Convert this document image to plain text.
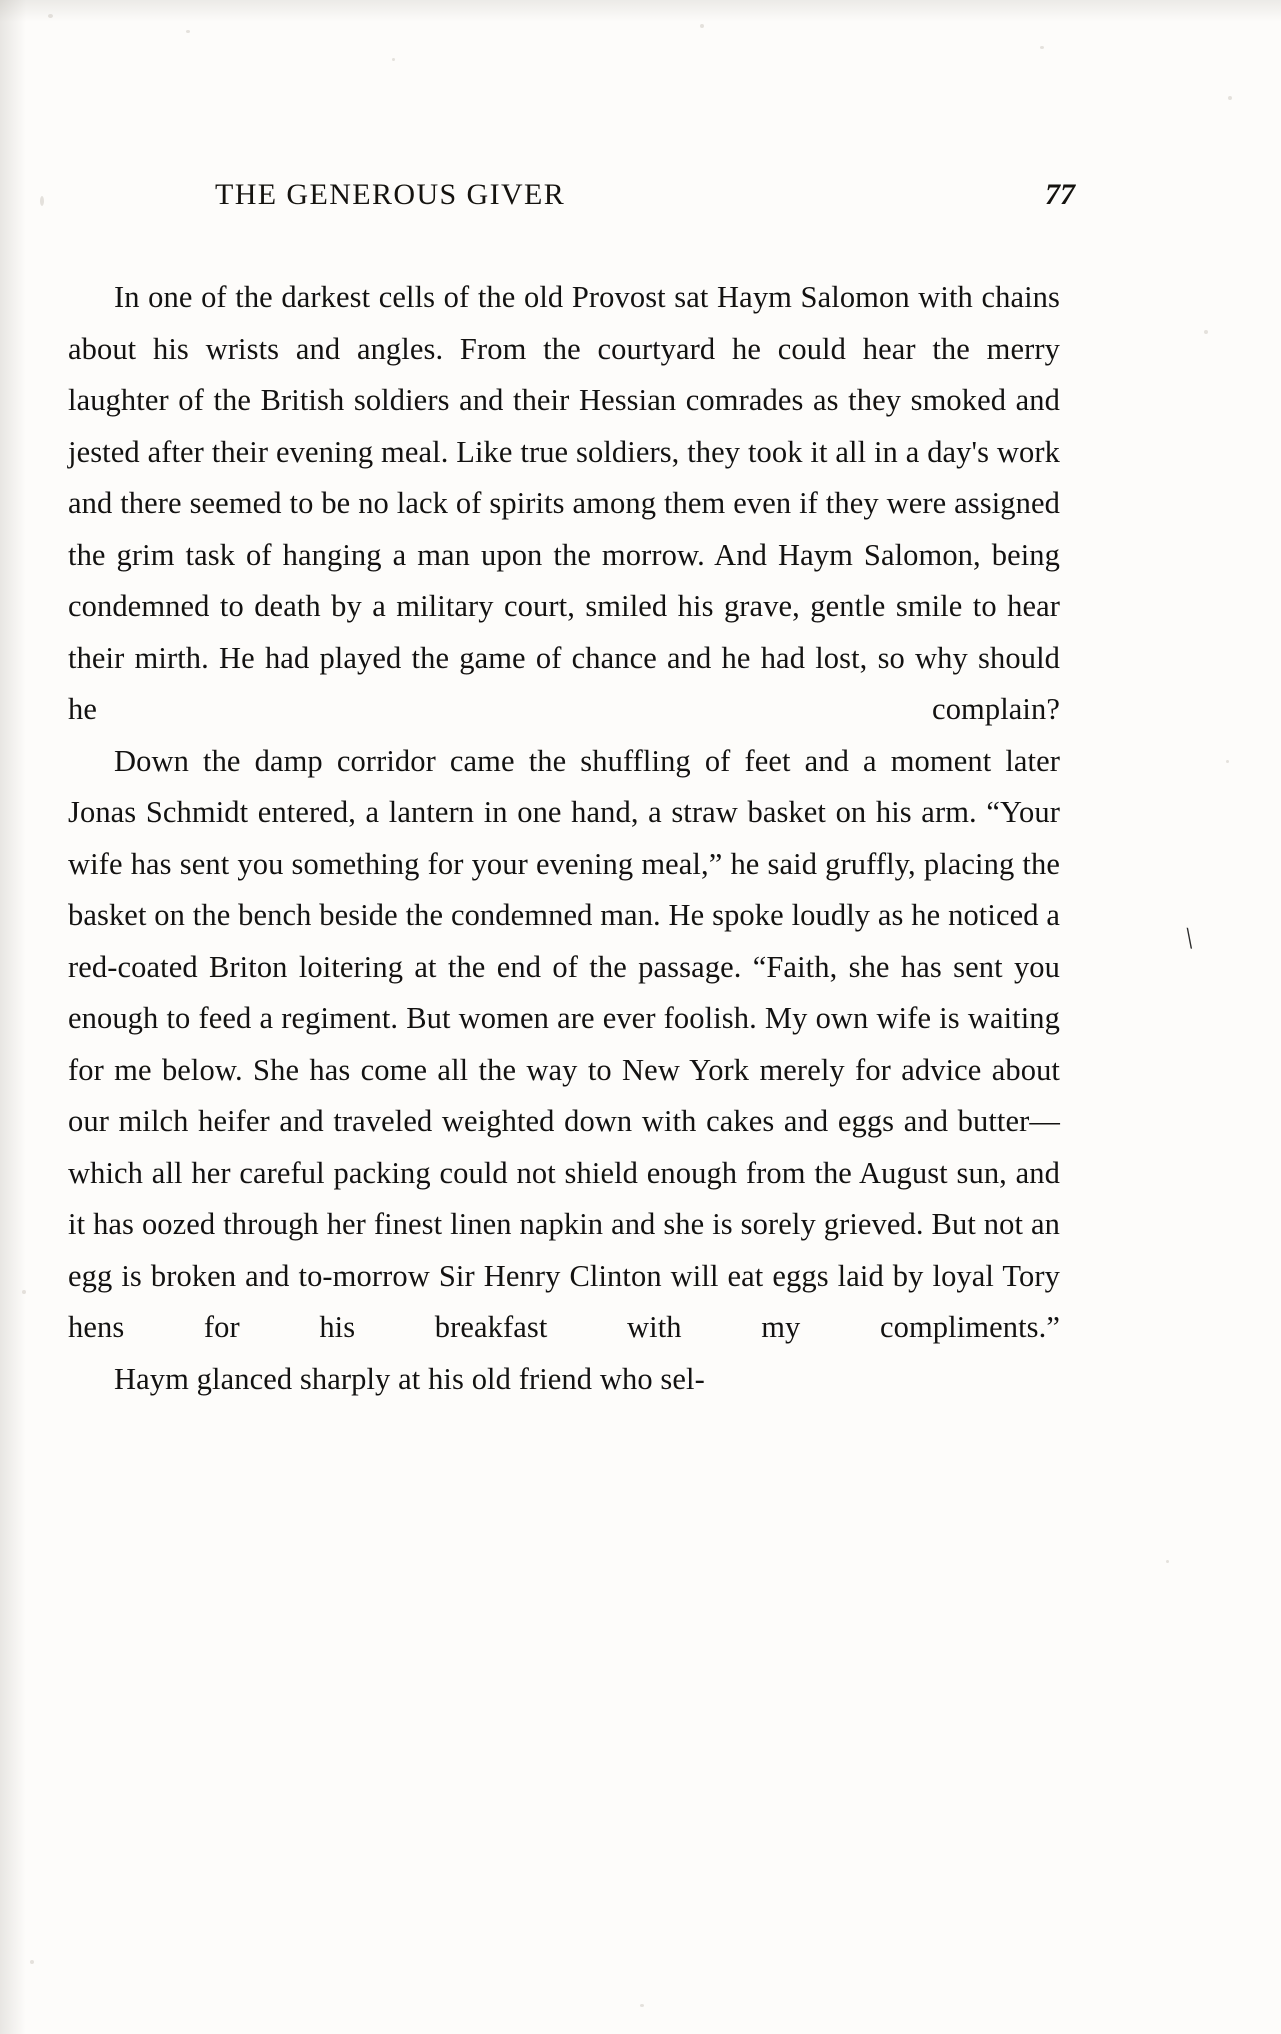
THE GENEROUS GIVER	77

In one of the darkest cells of the old Provost sat Haym Salomon with chains about his wrists and angles. From the courtyard he could hear the merry laughter of the British soldiers and their Hessian comrades as they smoked and jested after their evening meal. Like true soldiers, they took it all in a day's work and there seemed to be no lack of spirits among them even if they were assigned the grim task of hanging a man upon the morrow. And Haym Salomon, being condemned to death by a military court, smiled his grave, gentle smile to hear their mirth. He had played the game of chance and he had lost, so why should he complain?

Down the damp corridor came the shuffling of feet and a moment later Jonas Schmidt entered, a lantern in one hand, a straw basket on his arm. “Your wife has sent you something for your evening meal,” he said gruffly, placing the basket on the bench beside the condemned man. He spoke loudly as he noticed a red-coated Briton loitering at the end of the passage. “Faith, she has sent you enough to feed a regiment. But women are ever foolish. My own wife is waiting for me below. She has come all the way to New York merely for advice about our milch heifer and traveled weighted down with cakes and eggs and butter—which all her careful packing could not shield enough from the August sun, and it has oozed through her finest linen napkin and she is sorely grieved. But not an egg is broken and to-morrow Sir Henry Clinton will eat eggs laid by loyal Tory hens for his breakfast with my compliments.”

Haym glanced sharply at his old friend who sel-

\
